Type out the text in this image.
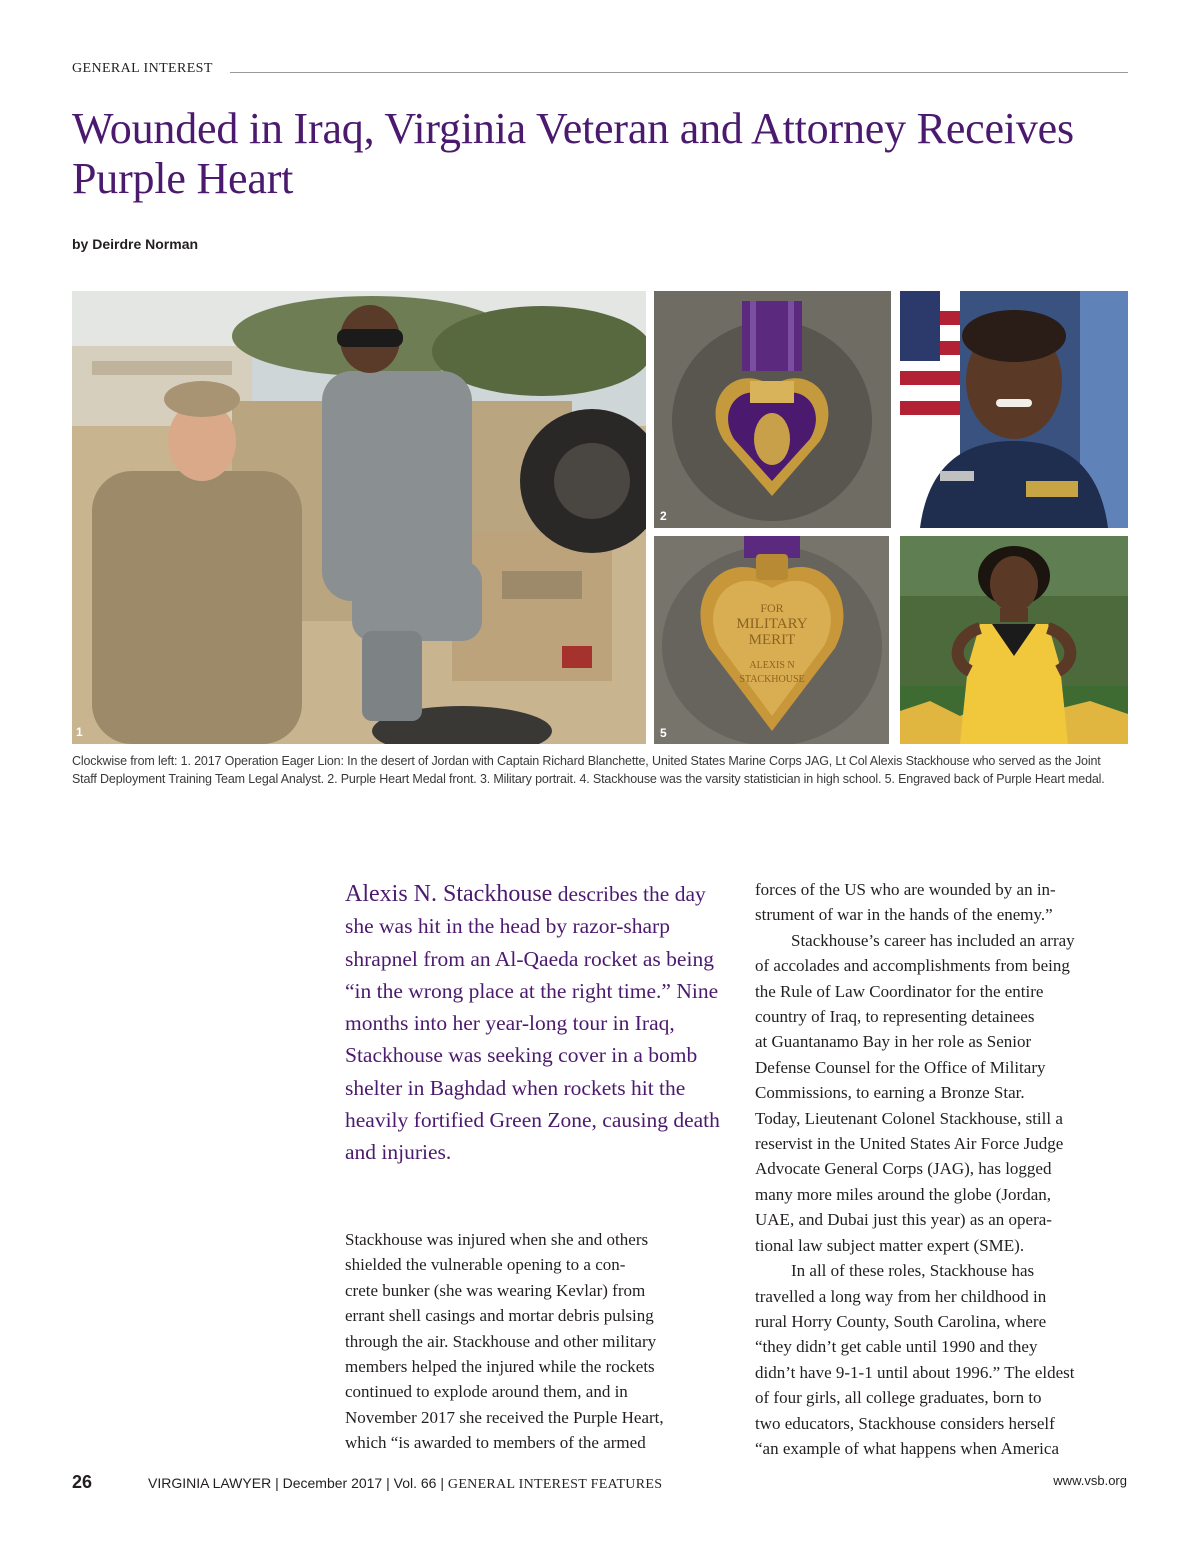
GENERAL INTEREST
Wounded in Iraq, Virginia Veteran and Attorney Receives Purple Heart

by Deirdre Norman

1
2	3
FOR
MILITARY
MERIT
ALEXIS N
STACKHOUSE
5

Clockwise from left: 1. 2017 Operation Eager Lion: In the desert of Jordan with Captain Richard Blanchette, United States Marine Corps JAG, Lt Col Alexis Stackhouse who served as the Joint Staff Deployment Training Team Legal Analyst. 2. Purple Heart Medal front. 3. Military portrait. 4. Stackhouse was the varsity statistician in high school. 5. Engraved back of Purple Heart medal.

Alexis N. Stackhouse describes the day she was hit in the head by razor-sharp shrapnel from an Al-Qaeda rocket as being “in the wrong place at the right time.” Nine months into her year-long tour in Iraq, Stackhouse was seeking cover in a bomb shelter in Baghdad when rockets hit the heavily fortified Green Zone, causing death and injuries.

Stackhouse was injured when she and others
shielded the vulnerable opening to a con-
crete bunker (she was wearing Kevlar) from
errant shell casings and mortar debris pulsing
through the air. Stackhouse and other military
members helped the injured while the rockets
continued to explode around them, and in
November 2017 she received the Purple Heart,
which “is awarded to members of the armed
forces of the US who are wounded by an in-
strument of war in the hands of the enemy.”
Stackhouse’s career has included an array
of accolades and accomplishments from being
the Rule of Law Coordinator for the entire
country of Iraq, to representing detainees
at Guantanamo Bay in her role as Senior
Defense Counsel for the Office of Military
Commissions, to earning a Bronze Star.
Today, Lieutenant Colonel Stackhouse, still a
reservist in the United States Air Force Judge
Advocate General Corps (JAG), has logged
many more miles around the globe (Jordan,
UAE, and Dubai just this year) as an opera-
tional law subject matter expert (SME).
In all of these roles, Stackhouse has
travelled a long way from her childhood in
rural Horry County, South Carolina, where
“they didn’t get cable until 1990 and they
didn’t have 9-1-1 until about 1996.” The eldest
of four girls, all college graduates, born to
two educators, Stackhouse considers herself
“an example of what happens when America
26	VIRGINIA LAWYER | December 2017 | Vol. 66 | GENERAL INTEREST FEATURES	www.vsb.org
